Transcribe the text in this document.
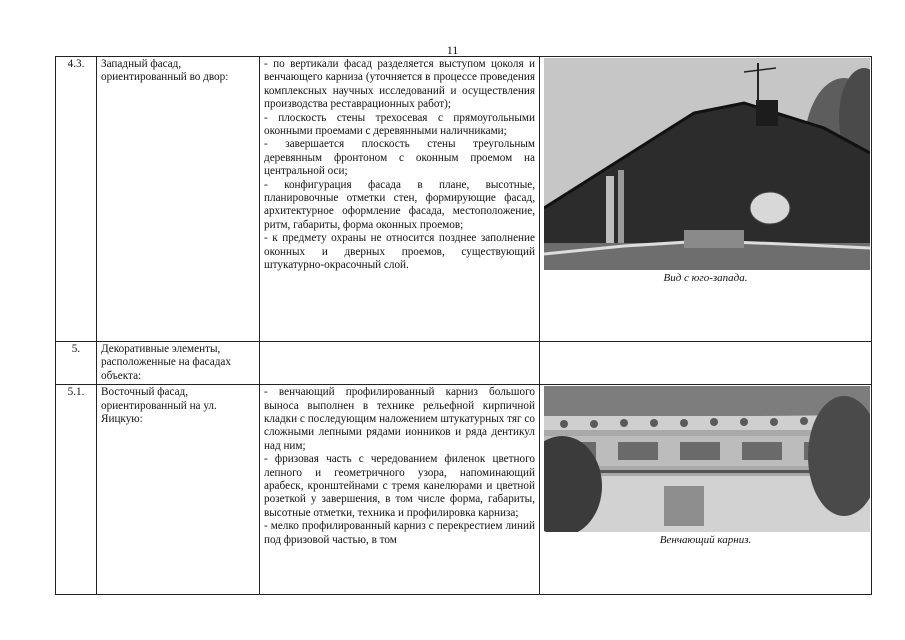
11
4.3.	Западный фасад, ориентированный во двор:	- по вертикали фасад разделяется выступом цоколя и венчающего карниза (уточняется в процессе проведения комплексных научных исследований и осуществления производства реставрационных работ);

- плоскость стены трехосевая с прямоугольными оконными проемами с деревянными наличниками;

- завершается плоскость стены треугольным деревянным фронтоном с оконным проемом на центральной оси;

- конфигурация фасада в плане, высотные, планировочные отметки стен, формирующие фасад, архитектурное оформление фасада, местоположение, ритм, габариты, форма оконных проемов;

- к предмету охраны не относится позднее заполнение оконных и дверных проемов, существующий штукатурно-окрасочный слой.	Вид с юго-запада.

5.	Декоративные элементы, расположенные на фасадах объекта:		
5.1.	Восточный фасад, ориентированный на ул. Яицкую:	- венчающий профилированный карниз большого выноса выполнен в технике рельефной кирпичной кладки с последующим наложением штукатурных тяг со сложными лепными рядами ионников и ряда дентикул над ним;

- фризовая часть с чередованием филенок цветного лепного и геометричного узора, напоминающий арабеск, кронштейнами с тремя канелюрами и цветной розеткой у завершения, в том числе форма, габариты, высотные отметки, техника и профилировка карниза;

- мелко профилированный карниз с перекрестием линий под фризовой частью, в том	Венчающий карниз.
